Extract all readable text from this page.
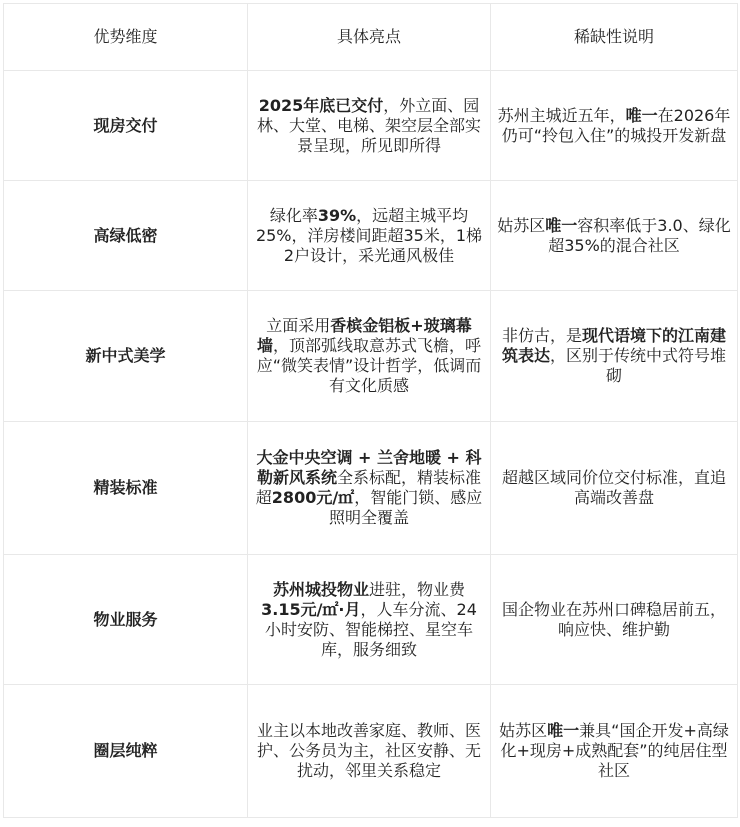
优势维度	具体亮点	稀缺性说明
现房交付	2025年底已交付，外立面、园林、大堂、电梯、架空层全部实景呈现，所见即所得	苏州主城近五年，唯一在2026年仍可“拎包入住”的城投开发新盘
高绿低密	绿化率39%，远超主城平均25%，洋房楼间距超35米，1梯2户设计，采光通风极佳	姑苏区唯一容积率低于3.0、绿化超35%的混合社区
新中式美学	立面采用香槟金铝板+玻璃幕墙，顶部弧线取意苏式飞檐，呼应“微笑表情”设计哲学，低调而有文化质感	非仿古，是现代语境下的江南建筑表达，区别于传统中式符号堆砌
精装标准	大金中央空调 + 兰舍地暖 + 科勒新风系统全系标配，精装标准超2800元/㎡，智能门锁、感应照明全覆盖	超越区域同价位交付标准，直追高端改善盘
物业服务	苏州城投物业进驻，物业费3.15元/㎡·月，人车分流、24小时安防、智能梯控、星空车库，服务细致	国企物业在苏州口碑稳居前五，响应快、维护勤
圈层纯粹	业主以本地改善家庭、教师、医护、公务员为主，社区安静、无扰动，邻里关系稳定	姑苏区唯一兼具“国企开发+高绿化+现房+成熟配套”的纯居住型社区
